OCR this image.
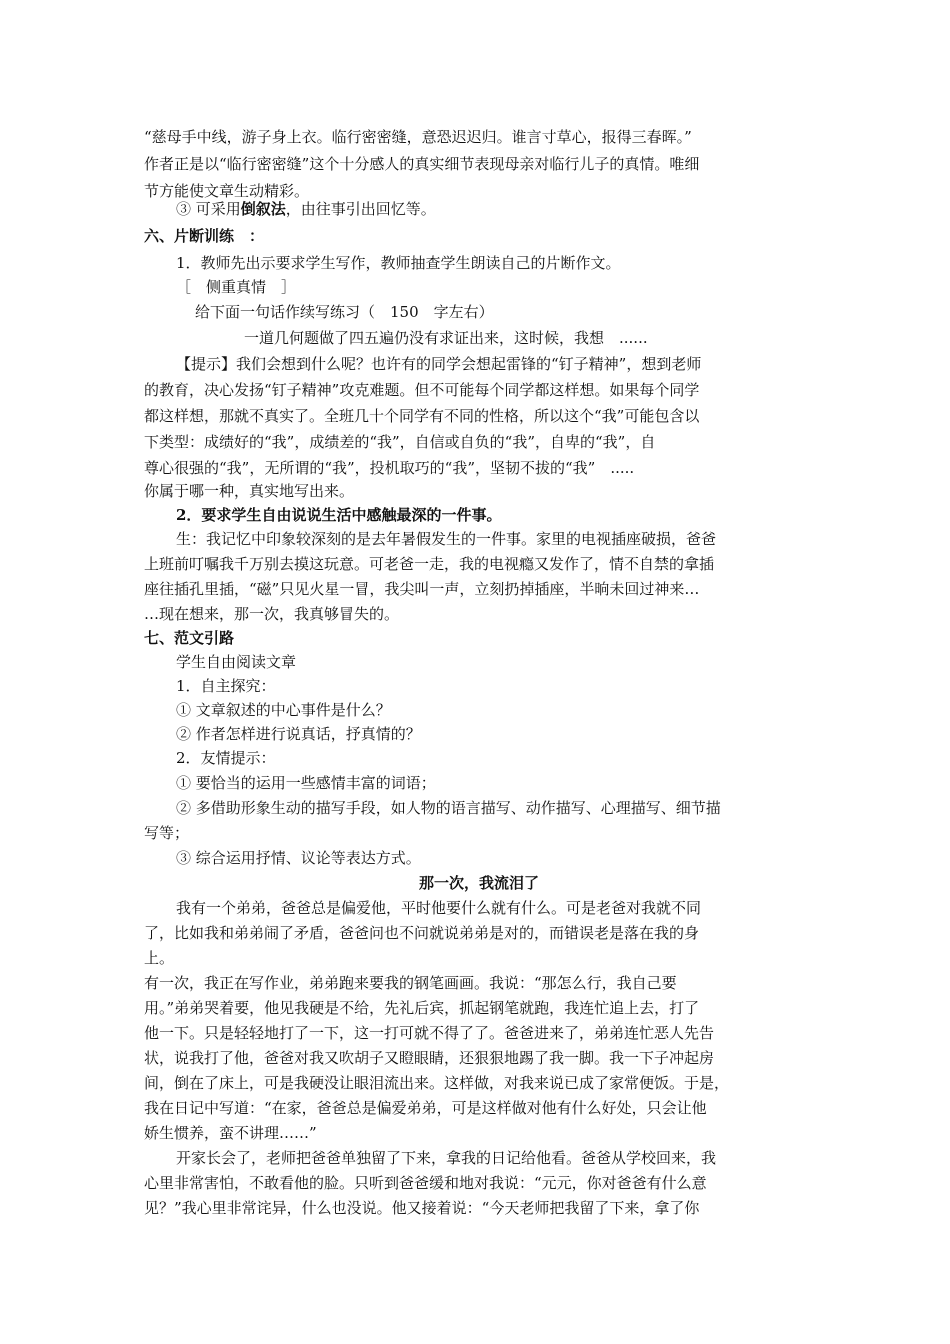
“慈母手中线，游子身上衣。临行密密缝，意恐迟迟归。谁言寸草心，报得三春晖。”
作者正是以“临行密密缝”这个十分感人的真实细节表现母亲对临行儿子的真情。唯细
节方能使文章生动精彩。
③ 可采用倒叙法，由往事引出回忆等。
六、片断训练　：
1．教师先出示要求学生写作，教师抽查学生朗读自己的片断作文。
［　侧重真情　］
给下面一句话作续写练习（　150　字左右）
一道几何题做了四五遍仍没有求证出来，这时候，我想　......
【提示】我们会想到什么呢？也许有的同学会想起雷锋的“钉子精神”，想到老师
的教育，决心发扬“钉子精神”攻克难题。但不可能每个同学都这样想。如果每个同学
都这样想，那就不真实了。全班几十个同学有不同的性格，所以这个“我”可能包含以
下类型：成绩好的“我”，成绩差的“我”，自信或自负的“我”，自卑的“我”，自
尊心很强的“我”，无所谓的“我”，投机取巧的“我”，坚韧不拔的“我”　.....
你属于哪一种，真实地写出来。
2．要求学生自由说说生活中感触最深的一件事。
生：我记忆中印象较深刻的是去年暑假发生的一件事。家里的电视插座破损，爸爸
上班前叮嘱我千万别去摸这玩意。可老爸一走，我的电视瘾又发作了，情不自禁的拿插
座往插孔里插，“磁”只见火星一冒，我尖叫一声，立刻扔掉插座，半晌未回过神来…
…现在想来，那一次，我真够冒失的。
七、范文引路
学生自由阅读文章
1．自主探究：
① 文章叙述的中心事件是什么？
② 作者怎样进行说真话，抒真情的？
2．友情提示：
① 要恰当的运用一些感情丰富的词语；
② 多借助形象生动的描写手段，如人物的语言描写、动作描写、心理描写、细节描
写等；
③ 综合运用抒情、议论等表达方式。
那一次，我流泪了
我有一个弟弟，爸爸总是偏爱他，平时他要什么就有什么。可是老爸对我就不同
了，比如我和弟弟闹了矛盾，爸爸问也不问就说弟弟是对的，而错误老是落在我的身
上。
有一次，我正在写作业，弟弟跑来要我的钢笔画画。我说：“那怎么行，我自己要
用。”弟弟哭着要，他见我硬是不给，先礼后宾，抓起钢笔就跑，我连忙追上去，打了
他一下。只是轻轻地打了一下，这一打可就不得了了。爸爸进来了，弟弟连忙恶人先告
状，说我打了他，爸爸对我又吹胡子又瞪眼睛，还狠狠地踢了我一脚。我一下子冲起房
间，倒在了床上，可是我硬没让眼泪流出来。这样做，对我来说已成了家常便饭。于是，
我在日记中写道：“在家，爸爸总是偏爱弟弟，可是这样做对他有什么好处，只会让他
娇生惯养，蛮不讲理……”
开家长会了，老师把爸爸单独留了下来，拿我的日记给他看。爸爸从学校回来，我
心里非常害怕，不敢看他的脸。只听到爸爸缓和地对我说：“元元，你对爸爸有什么意
见？”我心里非常诧异，什么也没说。他又接着说：“今天老师把我留了下来，拿了你
